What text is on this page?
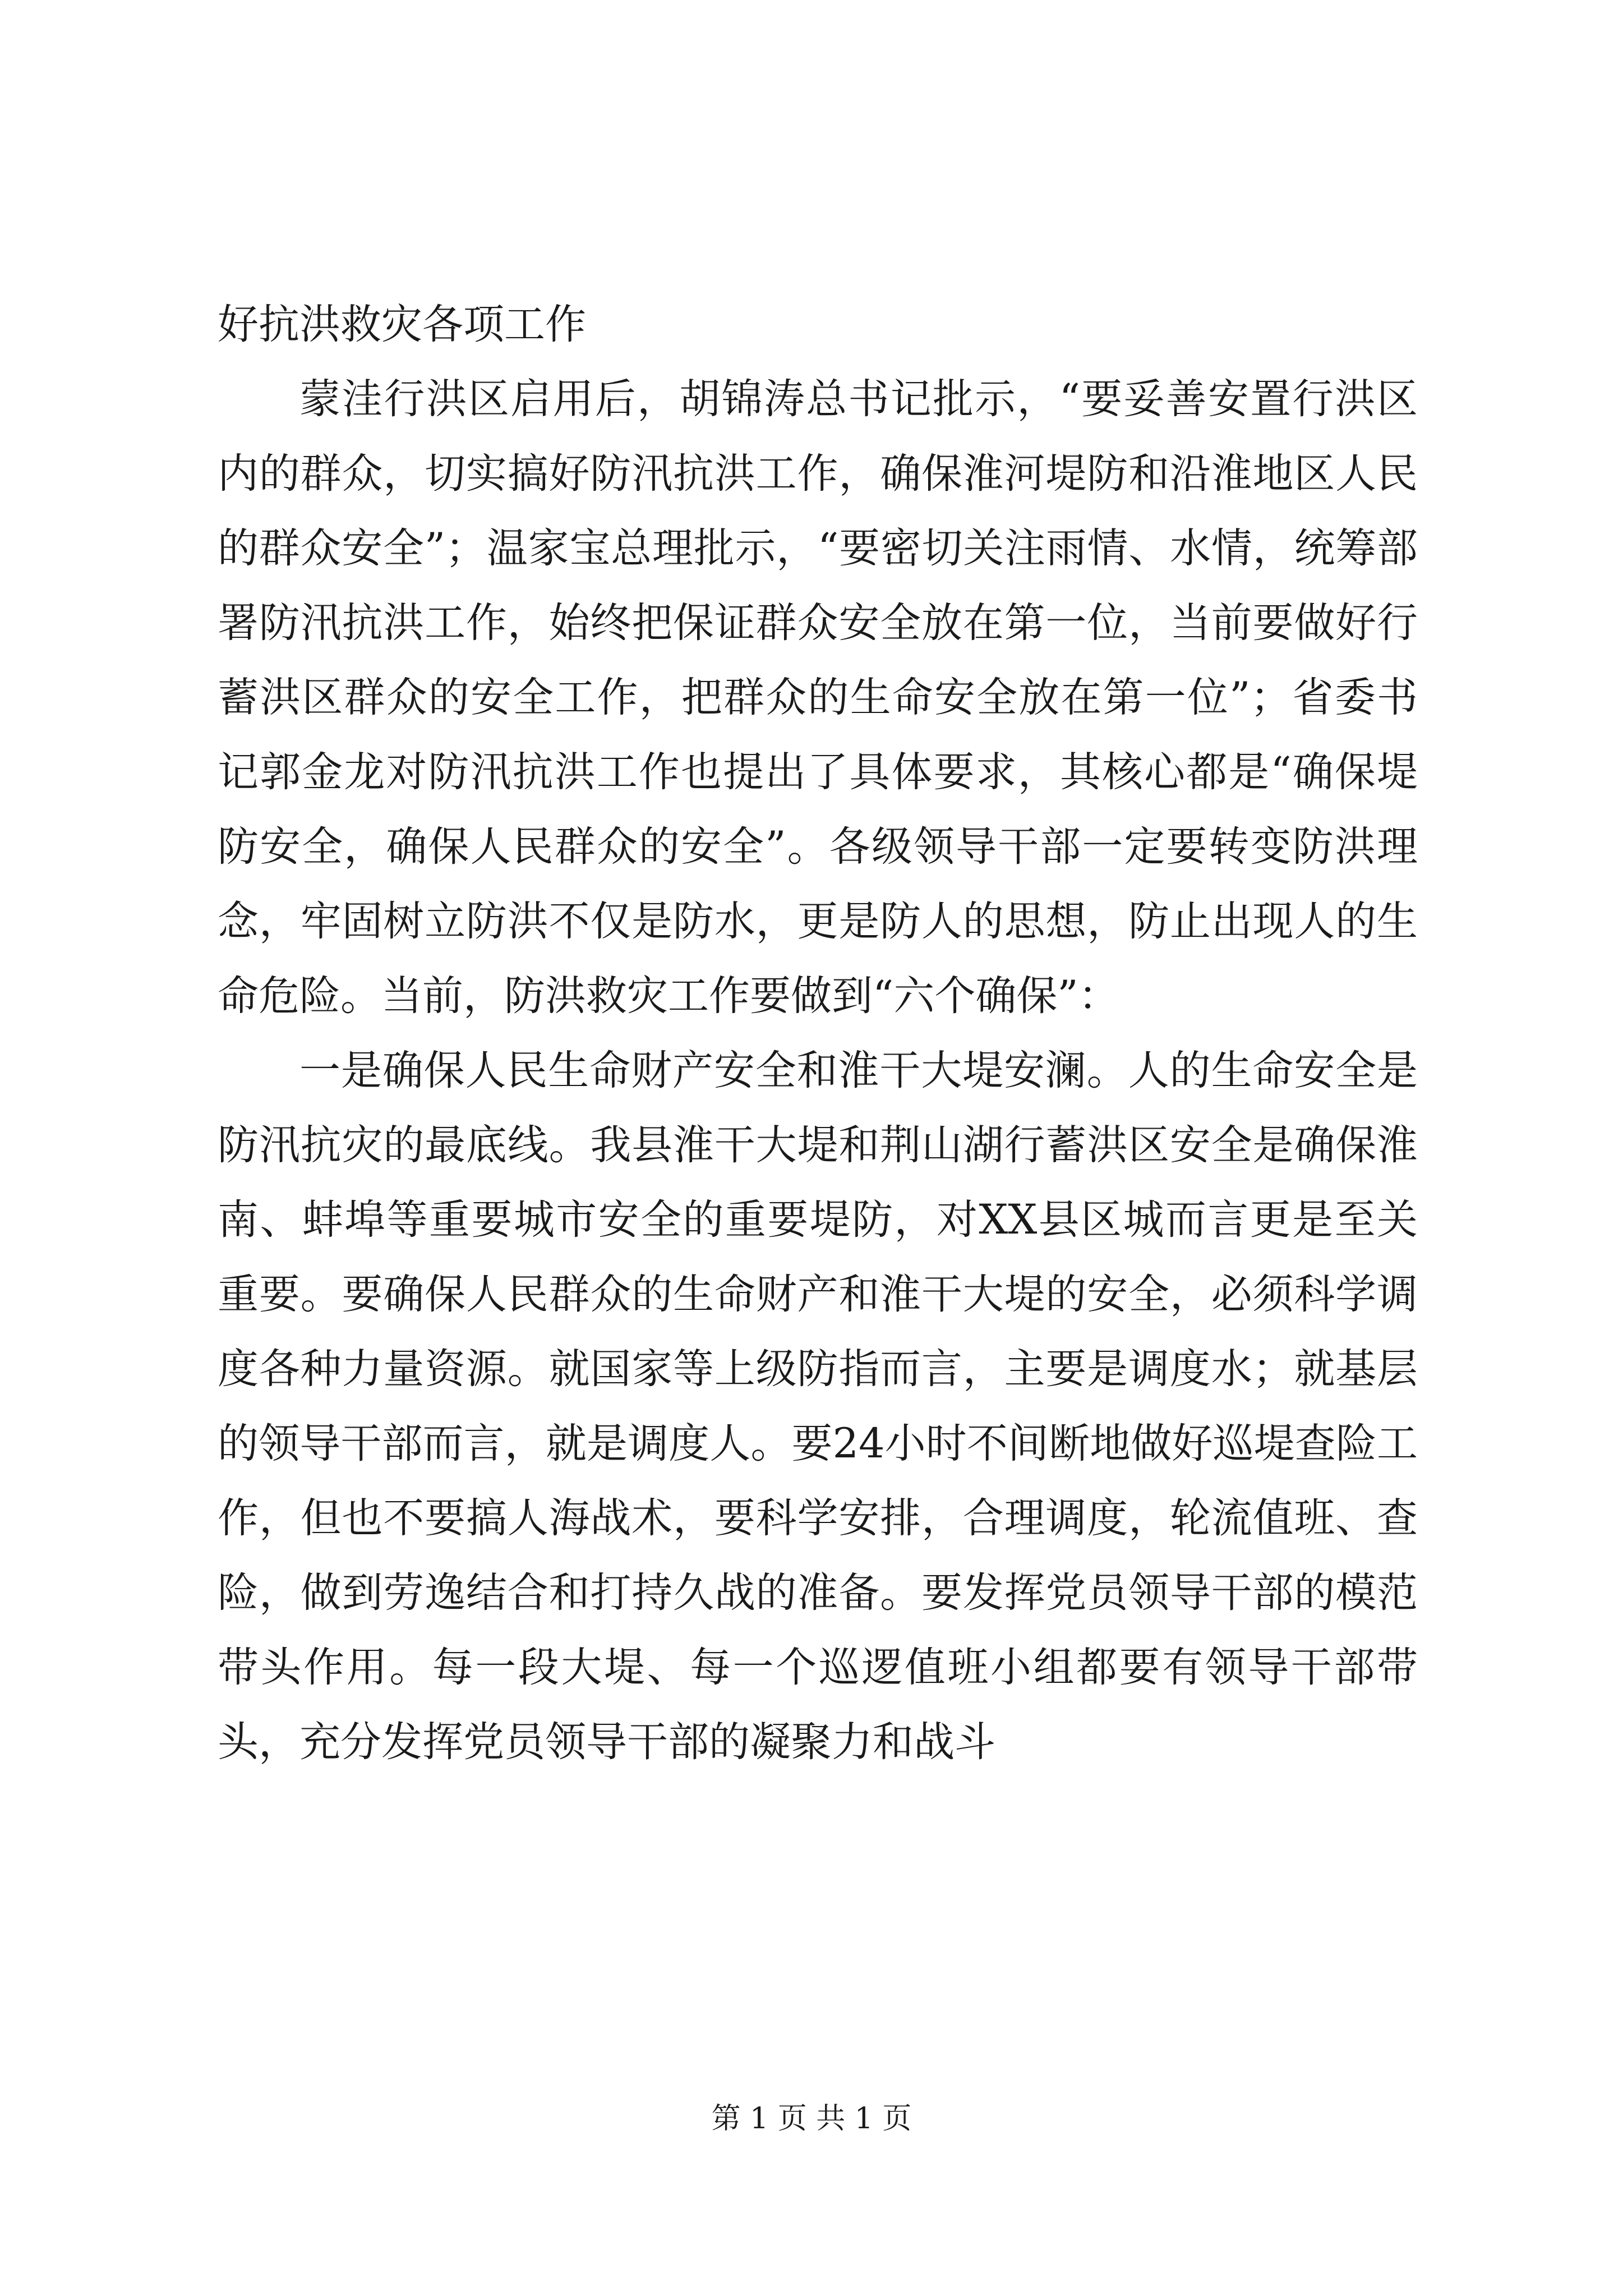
好抗洪救灾各项工作

蒙洼行洪区启用后，胡锦涛总书记批示，“要妥善安置行洪区内的群众，切实搞好防汛抗洪工作，确保淮河堤防和沿淮地区人民的群众安全”；温家宝总理批示，“要密切关注雨情、水情，统筹部署防汛抗洪工作，始终把保证群众安全放在第一位，当前要做好行蓄洪区群众的安全工作，把群众的生命安全放在第一位”；省委书记郭金龙对防汛抗洪工作也提出了具体要求，其核心都是“确保堤防安全，确保人民群众的安全”。各级领导干部一定要转变防洪理念，牢固树立防洪不仅是防水，更是防人的思想，防止出现人的生命危险。当前，防洪救灾工作要做到“六个确保”：

一是确保人民生命财产安全和淮干大堤安澜。人的生命安全是防汛抗灾的最底线。我县淮干大堤和荆山湖行蓄洪区安全是确保淮南、蚌埠等重要城市安全的重要堤防，对XX县区城而言更是至关重要。要确保人民群众的生命财产和淮干大堤的安全，必须科学调度各种力量资源。就国家等上级防指而言，主要是调度水；就基层的领导干部而言，就是调度人。要24小时不间断地做好巡堤查险工作，但也不要搞人海战术，要科学安排，合理调度，轮流值班、查险，做到劳逸结合和打持久战的准备。要发挥党员领导干部的模范带头作用。每一段大堤、每一个巡逻值班小组都要有领导干部带头，充分发挥党员领导干部的凝聚力和战斗

第 1 页 共 1 页
